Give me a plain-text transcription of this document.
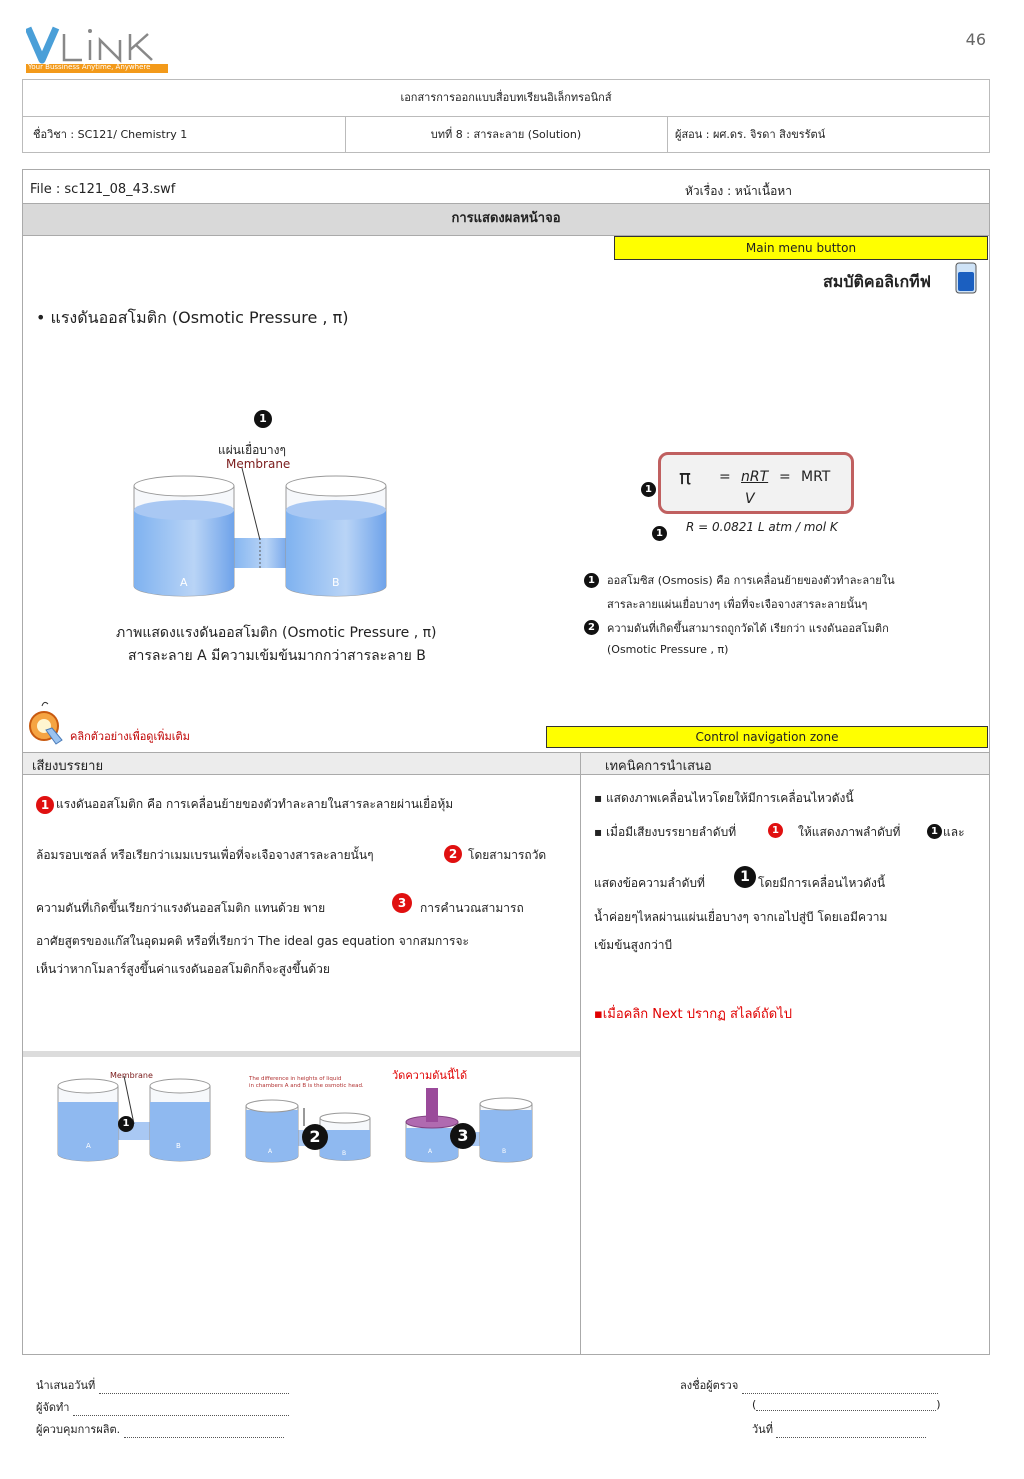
46
Your Bussiness Anytime, Anywhere
เอกสารการออกแบบสื่อบทเรียนอิเล็กทรอนิกส์
ชื่อวิชา : SC121/ Chemistry 1	บทที่ 8 : สารละลาย (Solution)	ผู้สอน : ผศ.ดร. จิรดา สิงขรรัตน์
File : sc121_08_43.swf	หัวเรื่อง : หน้าเนื้อหา
การแสดงผลหน้าจอ
Main menu button
สมบัติคอลิเกทีฟ
• แรงดันออสโมติก (Osmotic Pressure , π)
1
แผ่นเยื่อบางๆ
Membrane
A	B
ภาพแสดงแรงดันออสโมติก (Osmotic Pressure , π)
สารละลาย A มีความเข้มข้นมากกว่าสารละลาย B
1
π = nRT = MRT
V
1	R = 0.0821 L atm / mol K
1	ออสโมซิส (Osmosis) คือ การเคลื่อนย้ายของตัวทำละลายใน
สารละลายแผ่นเยื่อบางๆ เพื่อที่จะเจือจางสารละลายนั้นๆ
2	ความดันที่เกิดขึ้นสามารถถูกวัดได้ เรียกว่า แรงดันออสโมติก
(Osmotic Pressure , π)
คลิกตัวอย่างเพื่อดูเพิ่มเติม	Control navigation zone
เสียงบรรยาย	เทคนิคการนำเสนอ
1 แรงดันออสโมติก คือ การเคลื่อนย้ายของตัวทำละลายในสารละลายผ่านเยื่อหุ้ม
ล้อมรอบเซลล์ หรือเรียกว่าเมมเบรนเพื่อที่จะเจือจางสารละลายนั้นๆ	2 โดยสามารถวัด
ความดันที่เกิดขึ้นเรียกว่าแรงดันออสโมติก แทนด้วย พาย	3	การคำนวณสามารถ
อาศัยสูตรของแก๊สในอุดมคติ หรือที่เรียกว่า The ideal gas equation จากสมการจะ
เห็นว่าหากโมลาร์สูงขึ้นค่าแรงดันออสโมติกก็จะสูงขึ้นด้วย
▪ แสดงภาพเคลื่อนไหวโดยให้มีการเคลื่อนไหวดังนี้
▪ เมื่อมีเสียงบรรยายลำดับที่	1	ให้แสดงภาพลำดับที่	1 และ
แสดงข้อความลำดับที่	1 โดยมีการเคลื่อนไหวดังนี้
น้ำค่อยๆไหลผ่านแผ่นเยื่อบางๆ จากเอไปสู่บี โดยเอมีความ
เข้มข้นสูงกว่าบี
▪เมื่อคลิก Next ปรากฏ สไลด์ถัดไป
Membrane	The difference in heights of liquid
in chambers A and B is the osmotic head.
วัดความดันนี้ได้
A	B
1
A	B
2
A	B
3
นำเสนอวันที่
ผู้จัดทำ
ผู้ควบคุมการผลิต.
ลงชื่อผู้ตรวจ
(	)
วันที่
